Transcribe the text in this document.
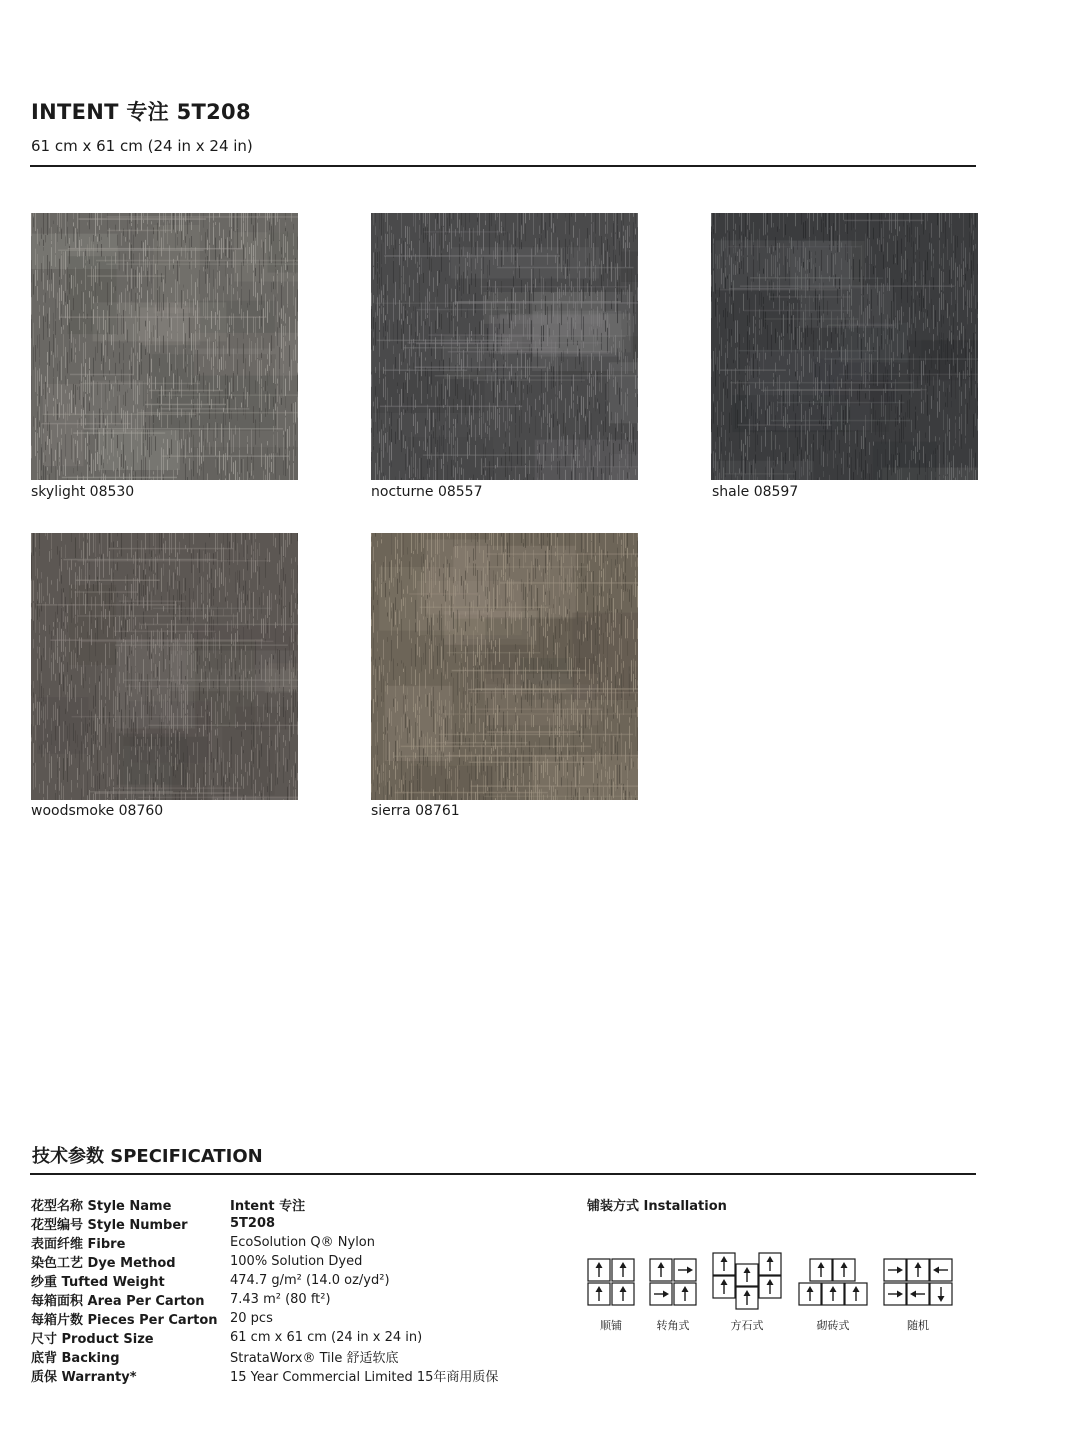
INTENT 专注 5T208
61 cm x 61 cm (24 in x 24 in)
skylight 08530	nocturne 08557	shale 08597
woodsmoke 08760	sierra 08761
技术参数 SPECIFICATION
花型名称 Style Name	Intent 专注
花型编号 Style Number	5T208
表面纤维 Fibre	EcoSolution Q® Nylon
染色工艺 Dye Method	100% Solution Dyed
纱重 Tufted Weight	474.7 g/m² (14.0 oz/yd²)
每箱面积 Area Per Carton	7.43 m² (80 ft²)
每箱片数 Pieces Per Carton 20 pcs
尺寸 Product Size	61 cm x 61 cm (24 in x 24 in)
底背 Backing	StrataWorx® Tile 舒适软底
质保 Warranty*	15 Year Commercial Limited 15年商用质保
铺装方式 Installation
顺铺	转角式	方石式	砌砖式	随机
